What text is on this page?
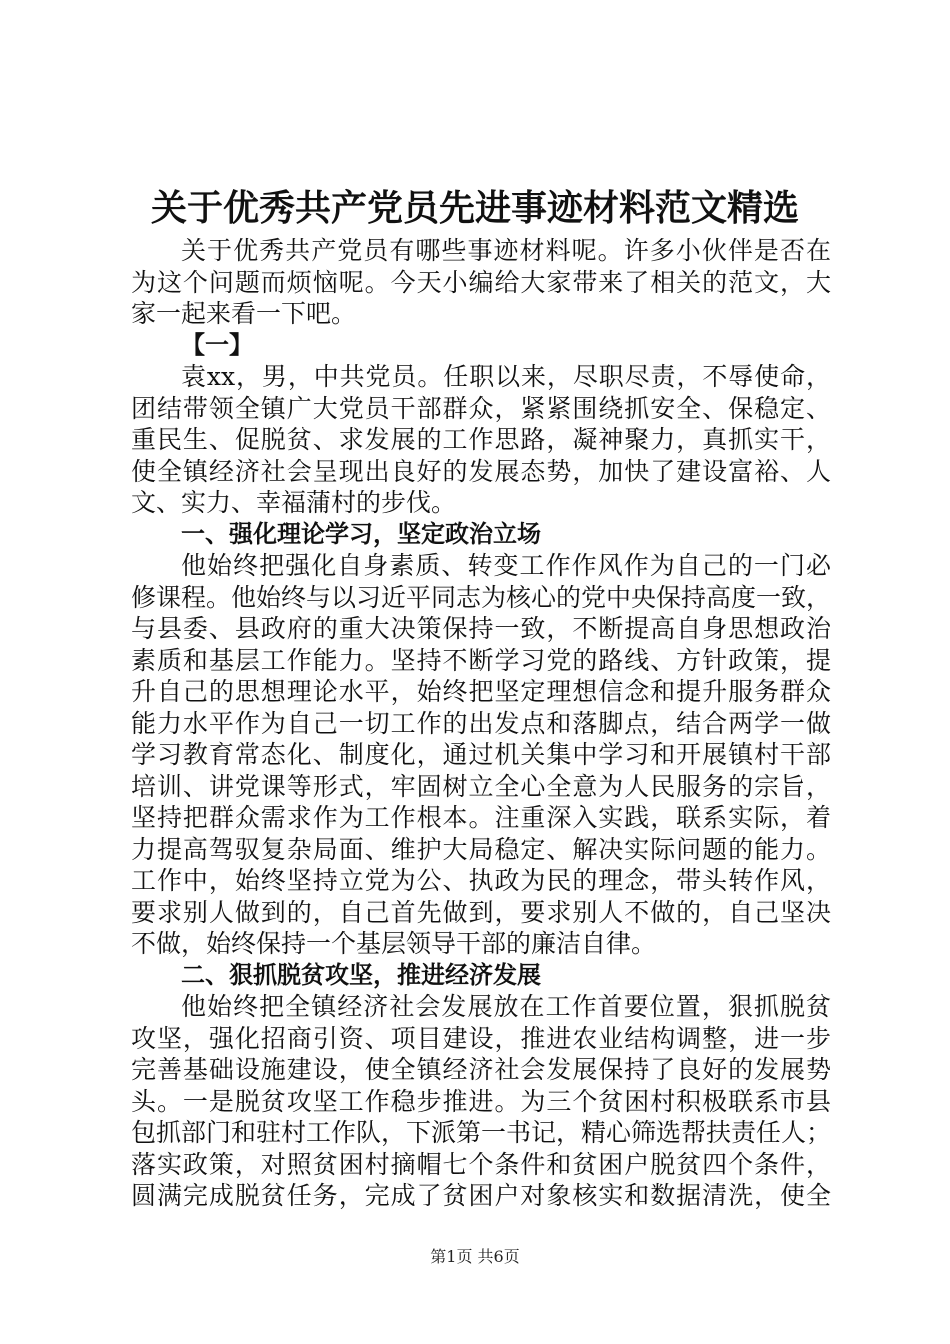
关于优秀共产党员先进事迹材料范文精选
关于优秀共产党员有哪些事迹材料呢。许多小伙伴是否在
为这个问题而烦恼呢。今天小编给大家带来了相关的范文，大
家一起来看一下吧。
【一】
袁xx，男，中共党员。任职以来，尽职尽责，不辱使命，
团结带领全镇广大党员干部群众，紧紧围绕抓安全、保稳定、
重民生、促脱贫、求发展的工作思路，凝神聚力，真抓实干，
使全镇经济社会呈现出良好的发展态势，加快了建设富裕、人
文、实力、幸福蒲村的步伐。
一、强化理论学习，坚定政治立场
他始终把强化自身素质、转变工作作风作为自己的一门必
修课程。他始终与以习近平同志为核心的党中央保持高度一致，
与县委、县政府的重大决策保持一致，不断提高自身思想政治
素质和基层工作能力。坚持不断学习党的路线、方针政策，提
升自己的思想理论水平，始终把坚定理想信念和提升服务群众
能力水平作为自己一切工作的出发点和落脚点，结合两学一做
学习教育常态化、制度化，通过机关集中学习和开展镇村干部
培训、讲党课等形式，牢固树立全心全意为人民服务的宗旨，
坚持把群众需求作为工作根本。注重深入实践，联系实际，着
力提高驾驭复杂局面、维护大局稳定、解决实际问题的能力。
工作中，始终坚持立党为公、执政为民的理念，带头转作风，
要求别人做到的，自己首先做到，要求别人不做的，自己坚决
不做，始终保持一个基层领导干部的廉洁自律。
二、狠抓脱贫攻坚，推进经济发展
他始终把全镇经济社会发展放在工作首要位置，狠抓脱贫
攻坚，强化招商引资、项目建设，推进农业结构调整，进一步
完善基础设施建设，使全镇经济社会发展保持了良好的发展势
头。一是脱贫攻坚工作稳步推进。为三个贫困村积极联系市县
包抓部门和驻村工作队，下派第一书记，精心筛选帮扶责任人；
落实政策，对照贫困村摘帽七个条件和贫困户脱贫四个条件，
圆满完成脱贫任务，完成了贫困户对象核实和数据清洗，使全
第1页 共6页
